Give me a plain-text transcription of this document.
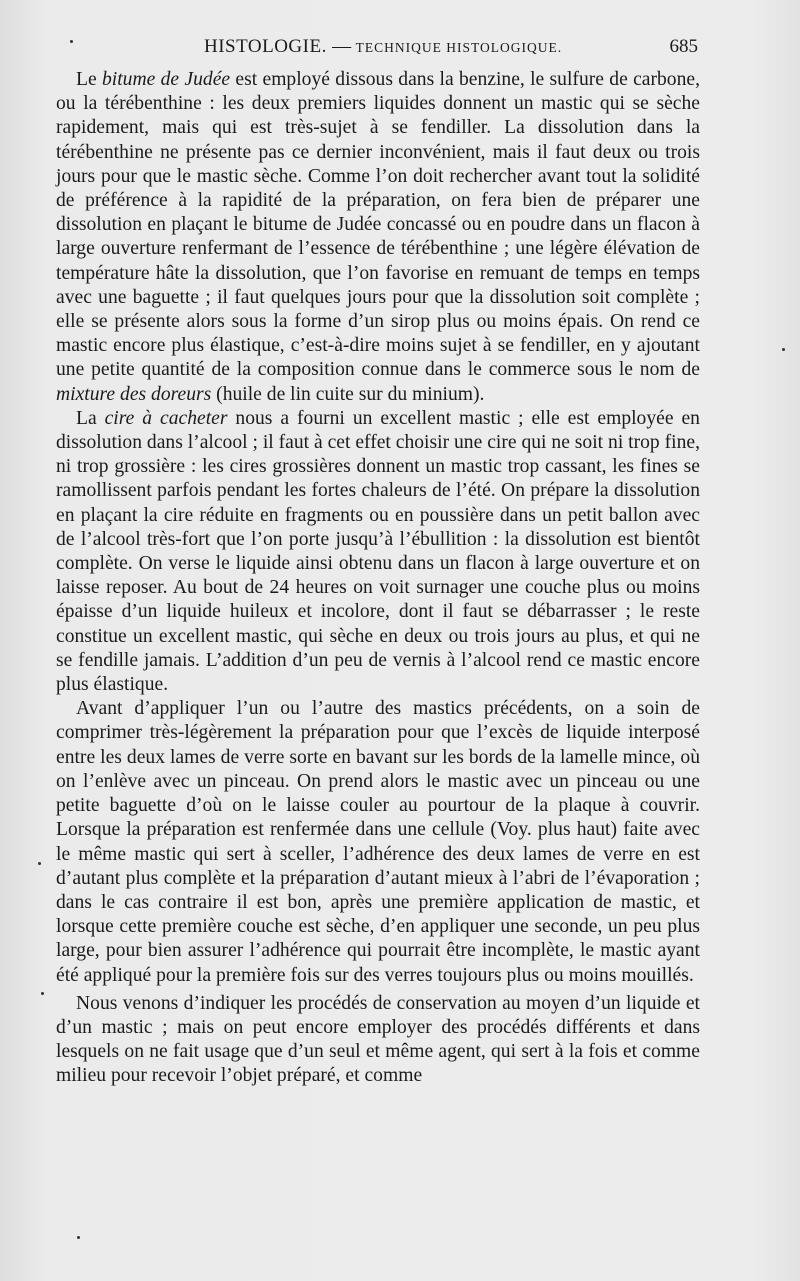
HISTOLOGIE. — TECHNIQUE HISTOLOGIQUE.	685

Le bitume de Judée est employé dissous dans la benzine, le sulfure de carbone, ou la térébenthine : les deux premiers liquides donnent un mastic qui se sèche rapidement, mais qui est très-sujet à se fendiller. La dissolution dans la térébenthine ne présente pas ce dernier inconvénient, mais il faut deux ou trois jours pour que le mastic sèche. Comme l’on doit rechercher avant tout la solidité de préférence à la rapidité de la préparation, on fera bien de préparer une dissolution en plaçant le bitume de Judée concassé ou en poudre dans un flacon à large ouverture renfermant de l’essence de térébenthine ; une légère élévation de température hâte la dissolution, que l’on favorise en remuant de temps en temps avec une baguette ; il faut quelques jours pour que la dissolution soit complète ; elle se présente alors sous la forme d’un sirop plus ou moins épais. On rend ce mastic encore plus élastique, c’est-à-dire moins sujet à se fendiller, en y ajoutant une petite quantité de la composition connue dans le commerce sous le nom de mixture des doreurs (huile de lin cuite sur du minium).

La cire à cacheter nous a fourni un excellent mastic ; elle est employée en dissolution dans l’alcool ; il faut à cet effet choisir une cire qui ne soit ni trop fine, ni trop grossière : les cires grossières donnent un mastic trop cassant, les fines se ramollissent parfois pendant les fortes chaleurs de l’été. On prépare la dissolution en plaçant la cire réduite en fragments ou en poussière dans un petit ballon avec de l’alcool très-fort que l’on porte jusqu’à l’ébullition : la dissolution est bientôt complète. On verse le liquide ainsi obtenu dans un flacon à large ouverture et on laisse reposer. Au bout de 24 heures on voit surnager une couche plus ou moins épaisse d’un liquide huileux et incolore, dont il faut se débarrasser ; le reste constitue un excellent mastic, qui sèche en deux ou trois jours au plus, et qui ne se fendille jamais. L’addition d’un peu de vernis à l’alcool rend ce mastic encore plus élastique.

Avant d’appliquer l’un ou l’autre des mastics précédents, on a soin de comprimer très-légèrement la préparation pour que l’excès de liquide interposé entre les deux lames de verre sorte en bavant sur les bords de la lamelle mince, où on l’enlève avec un pinceau. On prend alors le mastic avec un pinceau ou une petite baguette d’où on le laisse couler au pourtour de la plaque à couvrir. Lorsque la préparation est renfermée dans une cellule (Voy. plus haut) faite avec le même mastic qui sert à sceller, l’adhérence des deux lames de verre en est d’autant plus complète et la préparation d’autant mieux à l’abri de l’évaporation ; dans le cas contraire il est bon, après une première application de mastic, et lorsque cette première couche est sèche, d’en appliquer une seconde, un peu plus large, pour bien assurer l’adhérence qui pourrait être incomplète, le mastic ayant été appliqué pour la première fois sur des verres toujours plus ou moins mouillés.

Nous venons d’indiquer les procédés de conservation au moyen d’un liquide et d’un mastic ; mais on peut encore employer des procédés différents et dans lesquels on ne fait usage que d’un seul et même agent, qui sert à la fois et comme milieu pour recevoir l’objet préparé, et comme
